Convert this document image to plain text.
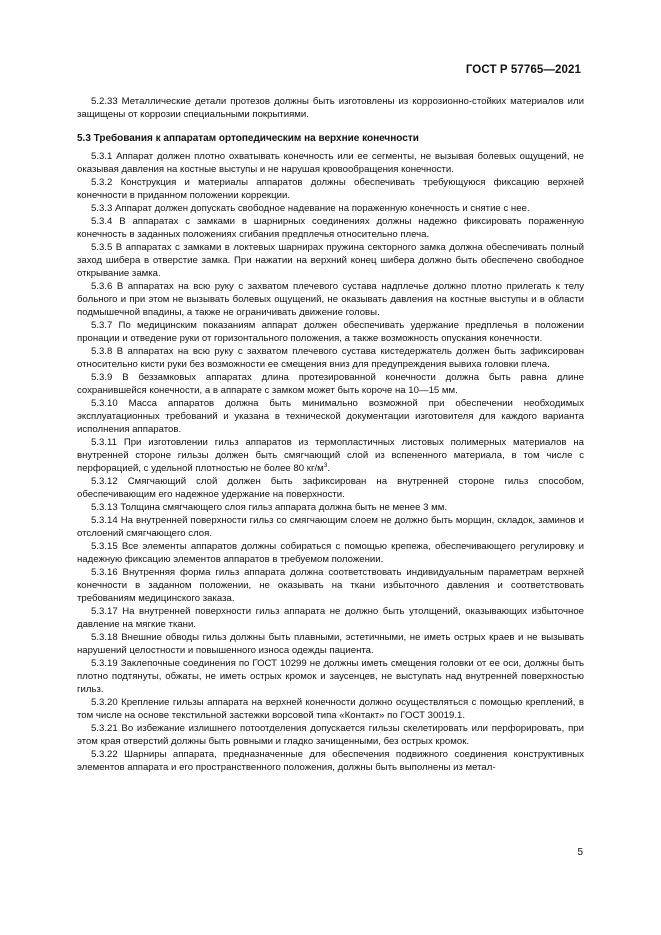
ГОСТ Р 57765—2021

5.2.33 Металлические детали протезов должны быть изготовлены из коррозионно-стойких материалов или защищены от коррозии специальными покрытиями.

5.3 Требования к аппаратам ортопедическим на верхние конечности

5.3.1 Аппарат должен плотно охватывать конечность или ее сегменты, не вызывая болевых ощущений, не оказывая давления на костные выступы и не нарушая кровообращения конечности.

5.3.2 Конструкция и материалы аппаратов должны обеспечивать требующуюся фиксацию верхней конечности в приданном положении коррекции.

5.3.3 Аппарат должен допускать свободное надевание на пораженную конечность и снятие с нее.

5.3.4 В аппаратах с замками в шарнирных соединениях должны надежно фиксировать пораженную конечность в заданных положениях сгибания предплечья относительно плеча.

5.3.5 В аппаратах с замками в локтевых шарнирах пружина секторного замка должна обеспечивать полный заход шибера в отверстие замка. При нажатии на верхний конец шибера должно быть обеспечено свободное открывание замка.

5.3.6 В аппаратах на всю руку с захватом плечевого сустава надплечье должно плотно прилегать к телу больного и при этом не вызывать болевых ощущений, не оказывать давления на костные выступы и в области подмышечной впадины, а также не ограничивать движение головы.

5.3.7 По медицинским показаниям аппарат должен обеспечивать удержание предплечья в положении пронации и отведение руки от горизонтального положения, а также возможность опускания конечности.

5.3.8 В аппаратах на всю руку с захватом плечевого сустава кистедержатель должен быть зафиксирован относительно кисти руки без возможности ее смещения вниз для предупреждения вывиха головки плеча.

5.3.9 В беззамковых аппаратах длина протезированной конечности должна быть равна длине сохранившейся конечности, а в аппарате с замком может быть короче на 10—15 мм.

5.3.10 Масса аппаратов должна быть минимально возможной при обеспечении необходимых эксплуатационных требований и указана в технической документации изготовителя для каждого варианта исполнения аппаратов.

5.3.11 При изготовлении гильз аппаратов из термопластичных листовых полимерных материалов на внутренней стороне гильзы должен быть смягчающий слой из вспененного материала, в том числе с перфорацией, с удельной плотностью не более 80 $кг/м^3$.

5.3.12 Смягчающий слой должен быть зафиксирован на внутренней стороне гильз способом, обеспечивающим его надежное удержание на поверхности.

5.3.13 Толщина смягчающего слоя гильз аппарата должна быть не менее 3 мм.

5.3.14 На внутренней поверхности гильз со смягчающим слоем не должно быть морщин, складок, заминов и отслоений смягчающего слоя.

5.3.15 Все элементы аппаратов должны собираться с помощью крепежа, обеспечивающего регулировку и надежную фиксацию элементов аппаратов в требуемом положении.

5.3.16 Внутренняя форма гильз аппарата должна соответствовать индивидуальным параметрам верхней конечности в заданном положении, не оказывать на ткани избыточного давления и соответствовать требованиям медицинского заказа.

5.3.17 На внутренней поверхности гильз аппарата не должно быть утолщений, оказывающих избыточное давление на мягкие ткани.

5.3.18 Внешние обводы гильз должны быть плавными, эстетичными, не иметь острых краев и не вызывать нарушений целостности и повышенного износа одежды пациента.

5.3.19 Заклепочные соединения по ГОСТ 10299 не должны иметь смещения головки от ее оси, должны быть плотно подтянуты, обжаты, не иметь острых кромок и заусенцев, не выступать над внутренней поверхностью гильз.

5.3.20 Крепление гильзы аппарата на верхней конечности должно осуществляться с помощью креплений, в том числе на основе текстильной застежки ворсовой типа «Контакт» по ГОСТ 30019.1.

5.3.21 Во избежание излишнего потоотделения допускается гильзы скелетировать или перфорировать, при этом края отверстий должны быть ровными и гладко зачищенными, без острых кромок.

5.3.22 Шарниры аппарата, предназначенные для обеспечения подвижного соединения конструктивных элементов аппарата и его пространственного положения, должны быть выполнены из метал-

5
